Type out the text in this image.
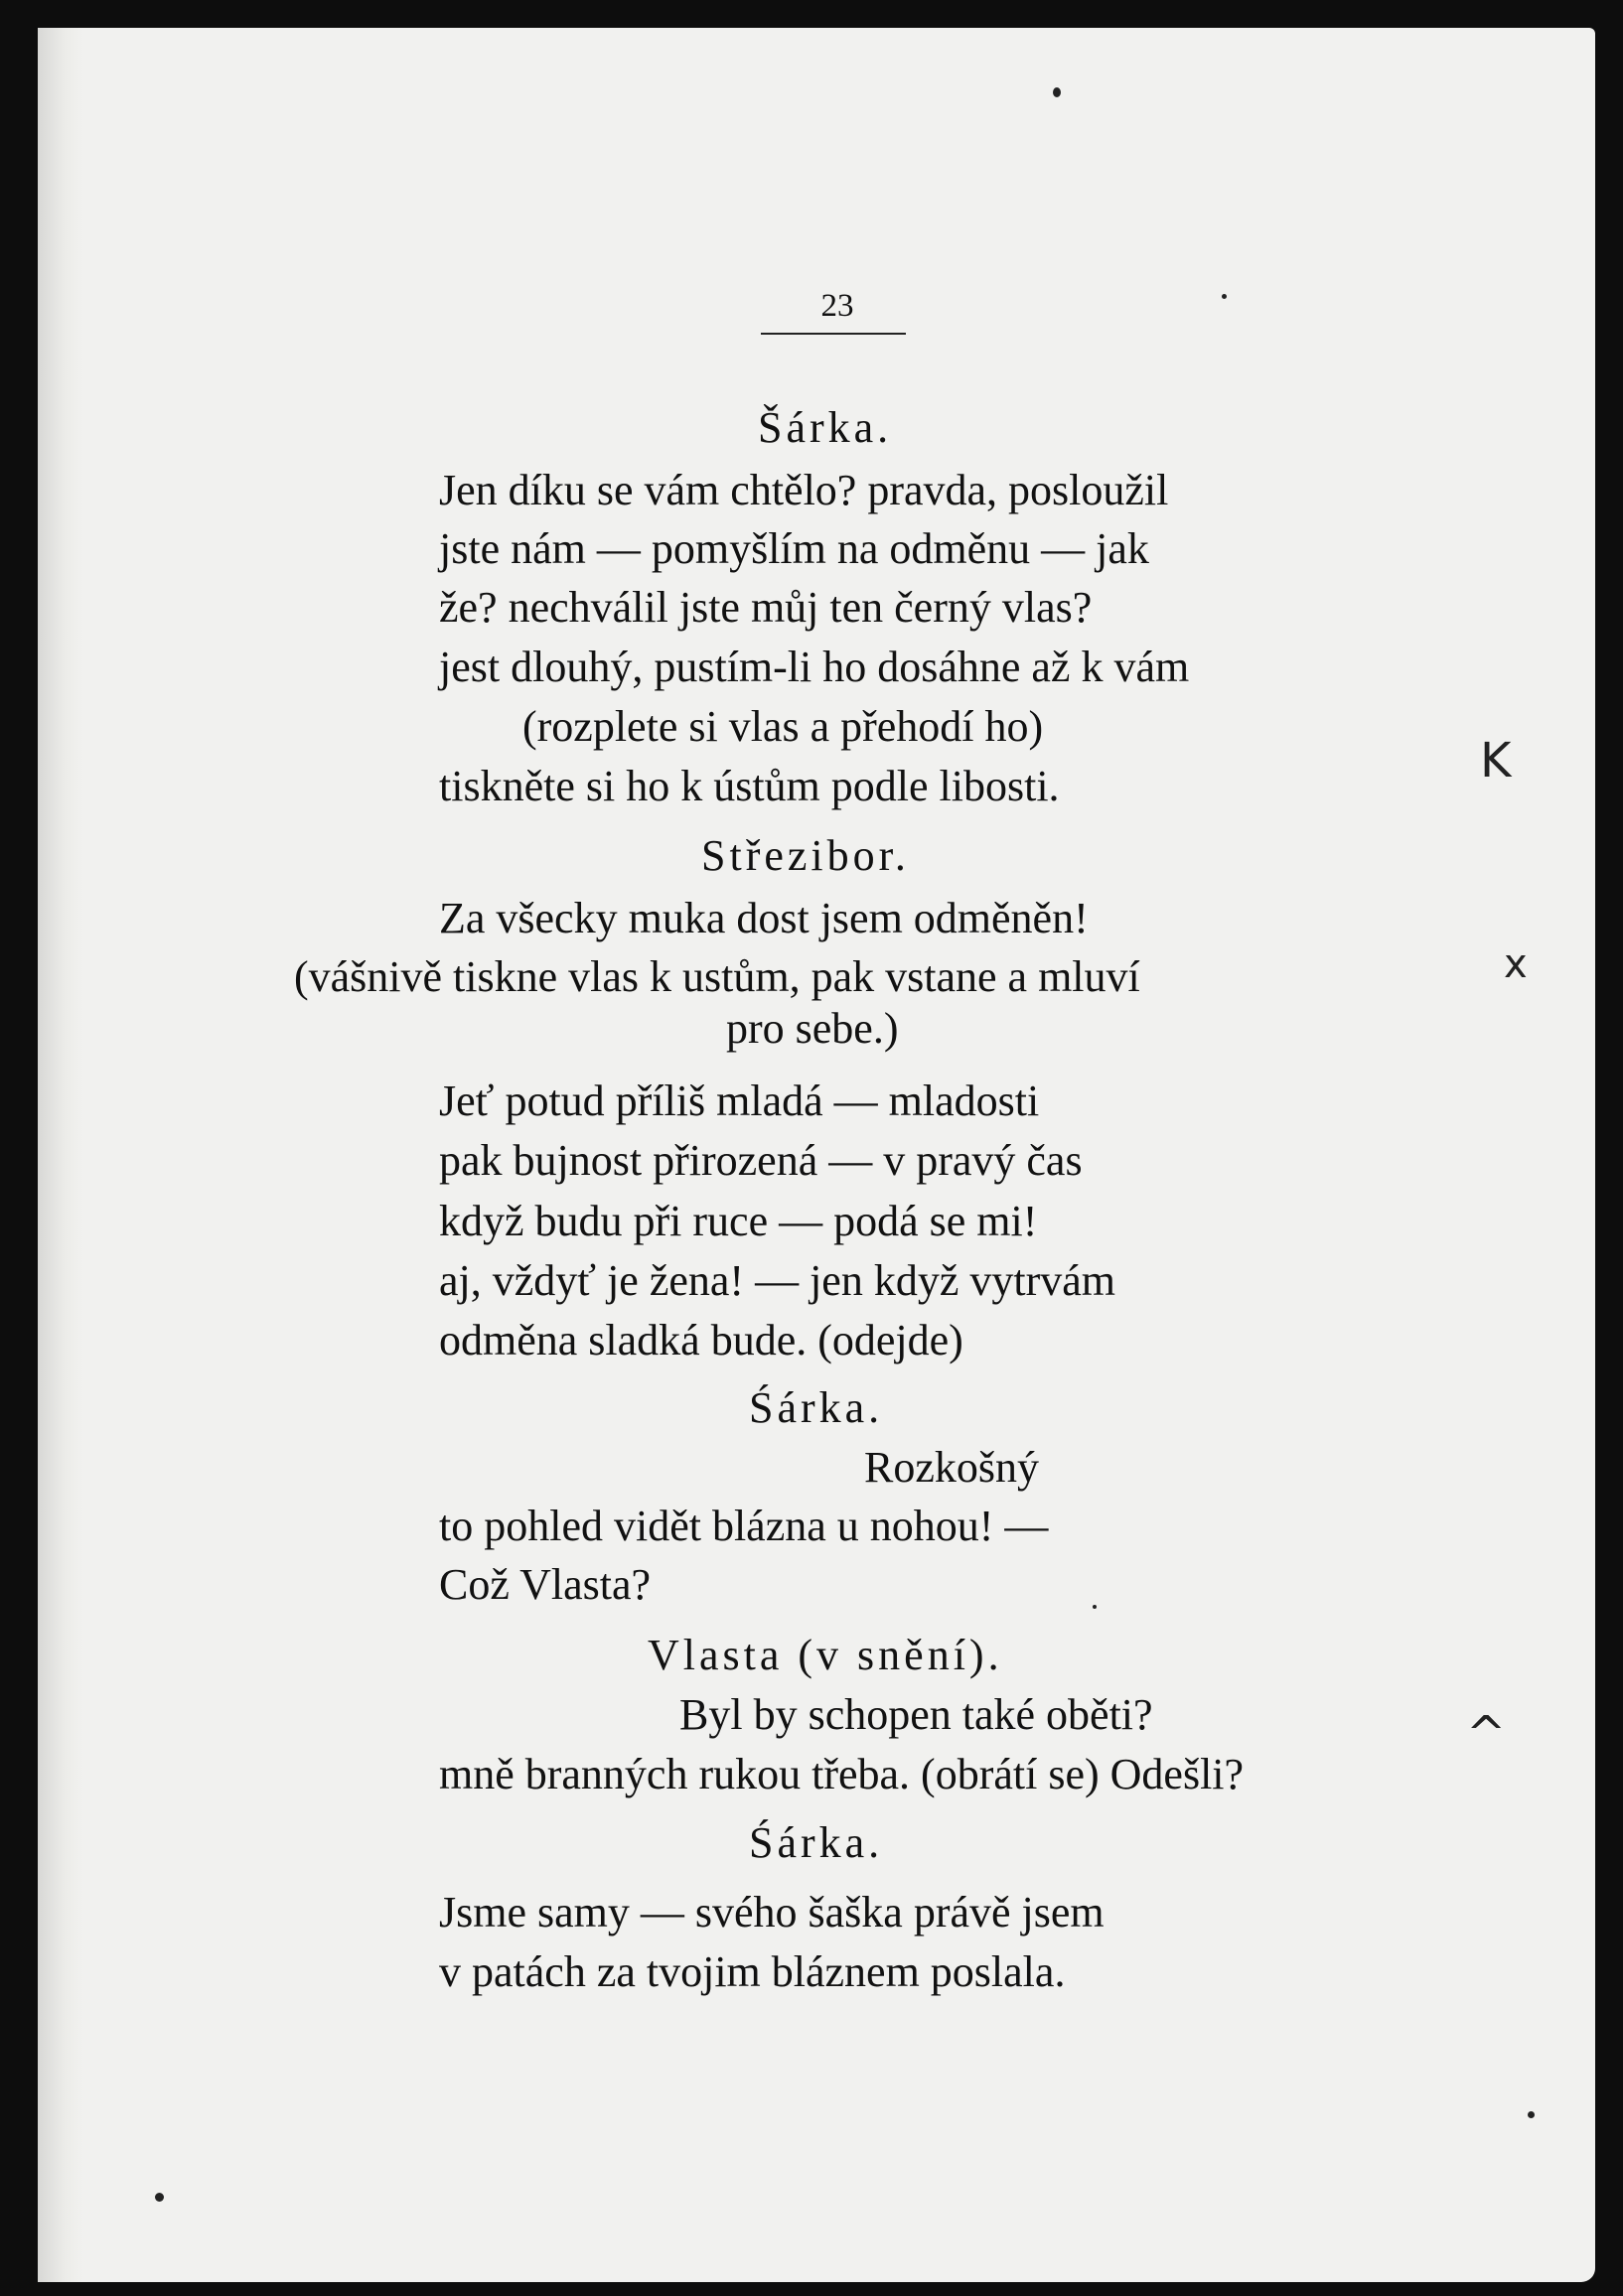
23
Šárka.
Jen díku se vám chtělo? pravda, posloužil
jste nám — pomyšlím na odměnu — jak
že? nechválil jste můj ten černý vlas?
jest dlouhý, pustím-li ho dosáhne až k vám
(rozplete si vlas a přehodí ho)
tiskněte si ho k ústům podle libosti.
Střezibor.
Za všecky muka dost jsem odměněn!
(vášnivě tiskne vlas k ustům, pak vstane a mluví
pro sebe.)
Jeť potud příliš mladá — mladosti
pak bujnost přirozená — v pravý čas
když budu při ruce — podá se mi!
aj, vždyť je žena! — jen když vytrvám
odměna sladká bude. (odejde)
Śárka.
Rozkošný
to pohled vidět blázna u nohou! —
Což Vlasta?
Vlasta (v snění).
Byl by schopen také oběti?
mně branných rukou třeba. (obrátí se) Odešli?
Śárka.
Jsme samy — svého šaška právě jsem
v patách za tvojim bláznem poslala.
K
x
^
